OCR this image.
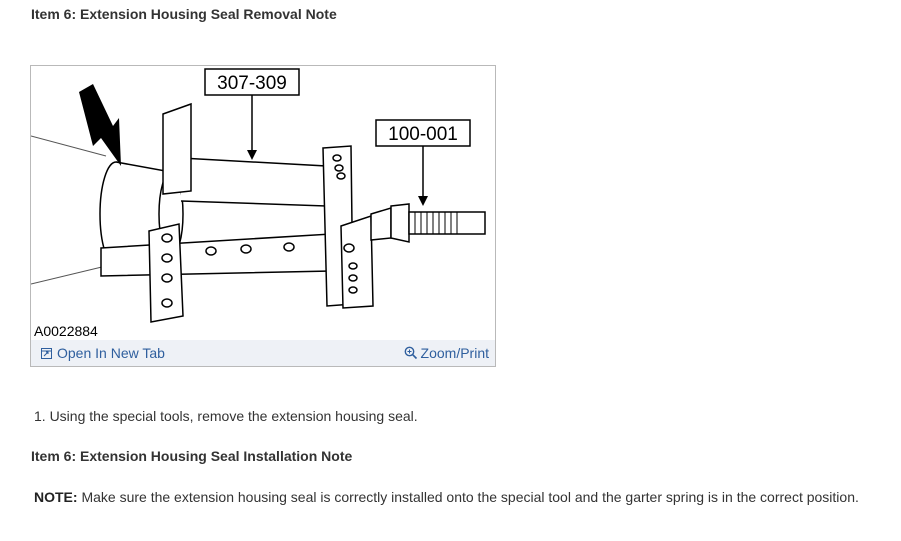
Item 6: Extension Housing Seal Removal Note
307-309
100-001
A0022884
Open In New Tab	Zoom/Print
1. Using the special tools, remove the extension housing seal.
Item 6: Extension Housing Seal Installation Note
NOTE: Make sure the extension housing seal is correctly installed onto the special tool and the garter spring is in the correct position.
